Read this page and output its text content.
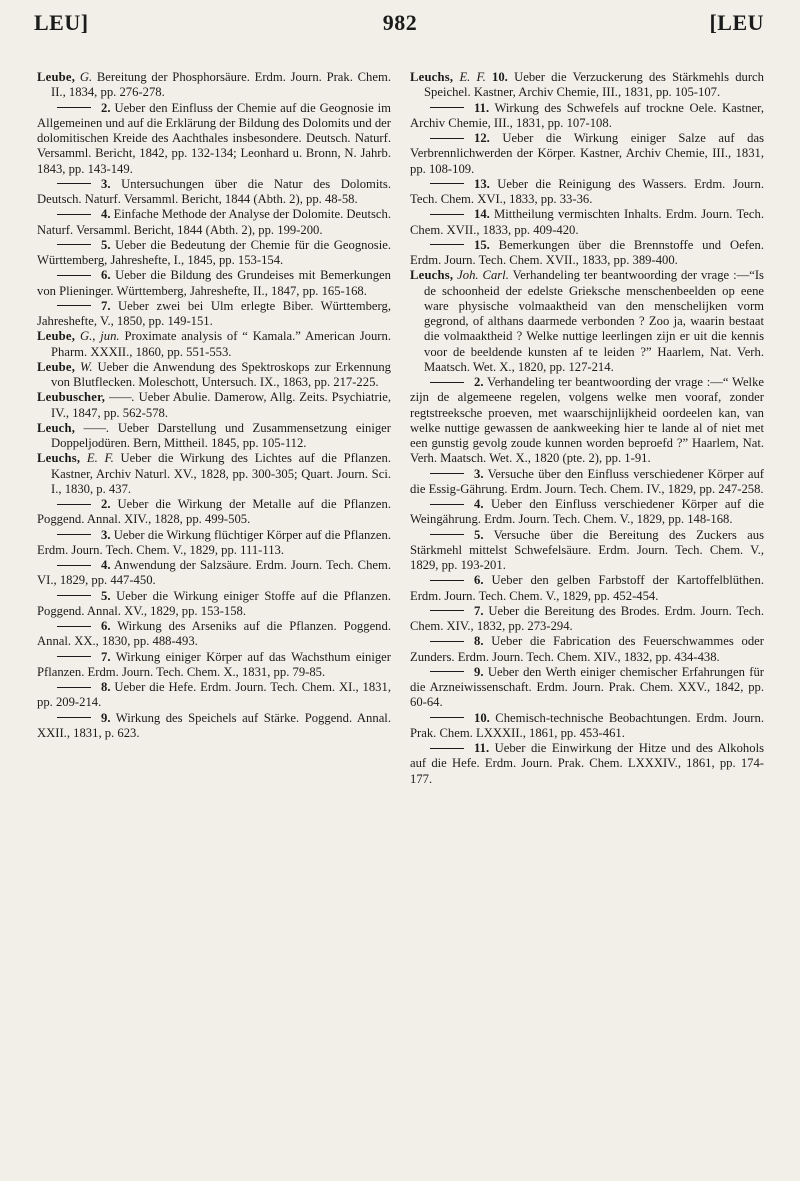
LEU]	982	[LEU

Leube, G. Bereitung der Phosphorsäure. Erdm. Journ. Prak. Chem. II., 1834, pp. 276-278.

2. Ueber den Einfluss der Chemie auf die Geognosie im Allgemeinen und auf die Erklärung der Bildung des Dolomits und der dolomitischen Kreide des Aachthales insbesondere. Deutsch. Naturf. Versamml. Bericht, 1842, pp. 132-134; Leonhard u. Bronn, N. Jahrb. 1843, pp. 143-149.

3. Untersuchungen über die Natur des Dolomits. Deutsch. Naturf. Versamml. Bericht, 1844 (Abth. 2), pp. 48-58.

4. Einfache Methode der Analyse der Dolomite. Deutsch. Naturf. Versamml. Bericht, 1844 (Abth. 2), pp. 199-200.

5. Ueber die Bedeutung der Chemie für die Geognosie. Württemberg, Jahreshefte, I., 1845, pp. 153-154.

6. Ueber die Bildung des Grundeises mit Bemerkungen von Plieninger. Württemberg, Jahreshefte, II., 1847, pp. 165-168.

7. Ueber zwei bei Ulm erlegte Biber. Württemberg, Jahreshefte, V., 1850, pp. 149-151.

Leube, G., jun. Proximate analysis of “ Kamala.” American Journ. Pharm. XXXII., 1860, pp. 551-553.

Leube, W. Ueber die Anwendung des Spektroskops zur Erkennung von Blutflecken. Moleschott, Untersuch. IX., 1863, pp. 217-225.

Leubuscher, ——. Ueber Abulie. Damerow, Allg. Zeits. Psychiatrie, IV., 1847, pp. 562-578.

Leuch, ——. Ueber Darstellung und Zusammensetzung einiger Doppeljodüren. Bern, Mittheil. 1845, pp. 105-112.

Leuchs, E. F. Ueber die Wirkung des Lichtes auf die Pflanzen. Kastner, Archiv Naturl. XV., 1828, pp. 300-305; Quart. Journ. Sci. I., 1830, p. 437.

2. Ueber die Wirkung der Metalle auf die Pflanzen. Poggend. Annal. XIV., 1828, pp. 499-505.

3. Ueber die Wirkung flüchtiger Körper auf die Pflanzen. Erdm. Journ. Tech. Chem. V., 1829, pp. 111-113.

4. Anwendung der Salzsäure. Erdm. Journ. Tech. Chem. VI., 1829, pp. 447-450.

5. Ueber die Wirkung einiger Stoffe auf die Pflanzen. Poggend. Annal. XV., 1829, pp. 153-158.

6. Wirkung des Arseniks auf die Pflanzen. Poggend. Annal. XX., 1830, pp. 488-493.

7. Wirkung einiger Körper auf das Wachsthum einiger Pflanzen. Erdm. Journ. Tech. Chem. X., 1831, pp. 79-85.

8. Ueber die Hefe. Erdm. Journ. Tech. Chem. XI., 1831, pp. 209-214.

9. Wirkung des Speichels auf Stärke. Poggend. Annal. XXII., 1831, p. 623.

Leuchs, E. F. 10. Ueber die Verzuckerung des Stärkmehls durch Speichel. Kastner, Archiv Chemie, III., 1831, pp. 105-107.

11. Wirkung des Schwefels auf trockne Oele. Kastner, Archiv Chemie, III., 1831, pp. 107-108.

12. Ueber die Wirkung einiger Salze auf das Verbrennlichwerden der Körper. Kastner, Archiv Chemie, III., 1831, pp. 108-109.

13. Ueber die Reinigung des Wassers. Erdm. Journ. Tech. Chem. XVI., 1833, pp. 33-36.

14. Mittheilung vermischten Inhalts. Erdm. Journ. Tech. Chem. XVII., 1833, pp. 409-420.

15. Bemerkungen über die Brennstoffe und Oefen. Erdm. Journ. Tech. Chem. XVII., 1833, pp. 389-400.

Leuchs, Joh. Carl. Verhandeling ter beantwoording der vrage :—“Is de schoonheid der edelste Grieksche menschenbeelden op eene ware physische volmaaktheid van den menschelijken vorm gegrond, of althans daarmede verbonden ? Zoo ja, waarin bestaat die volmaaktheid ? Welke nuttige leerlingen zijn er uit die kennis voor de beeldende kunsten af te leiden ?” Haarlem, Nat. Verh. Maatsch. Wet. X., 1820, pp. 127-214.

2. Verhandeling ter beantwoording der vrage :—“ Welke zijn de algemeene regelen, volgens welke men vooraf, zonder regtstreeksche proeven, met waarschijnlijkheid oordeelen kan, van welke nuttige gewassen de aankweeking hier te lande al of niet met een gunstig gevolg zoude kunnen worden beproefd ?” Haarlem, Nat. Verh. Maatsch. Wet. X., 1820 (pte. 2), pp. 1-91.

3. Versuche über den Einfluss verschiedener Körper auf die Essig-Gährung. Erdm. Journ. Tech. Chem. IV., 1829, pp. 247-258.

4. Ueber den Einfluss verschiedener Körper auf die Weingährung. Erdm. Journ. Tech. Chem. V., 1829, pp. 148-168.

5. Versuche über die Bereitung des Zuckers aus Stärkmehl mittelst Schwefelsäure. Erdm. Journ. Tech. Chem. V., 1829, pp. 193-201.

6. Ueber den gelben Farbstoff der Kartoffelblüthen. Erdm. Journ. Tech. Chem. V., 1829, pp. 452-454.

7. Ueber die Bereitung des Brodes. Erdm. Journ. Tech. Chem. XIV., 1832, pp. 273-294.

8. Ueber die Fabrication des Feuerschwammes oder Zunders. Erdm. Journ. Tech. Chem. XIV., 1832, pp. 434-438.

9. Ueber den Werth einiger chemischer Erfahrungen für die Arzneiwissenschaft. Erdm. Journ. Prak. Chem. XXV., 1842, pp. 60-64.

10. Chemisch-technische Beobachtungen. Erdm. Journ. Prak. Chem. LXXXII., 1861, pp. 453-461.

11. Ueber die Einwirkung der Hitze und des Alkohols auf die Hefe. Erdm. Journ. Prak. Chem. LXXXIV., 1861, pp. 174-177.
